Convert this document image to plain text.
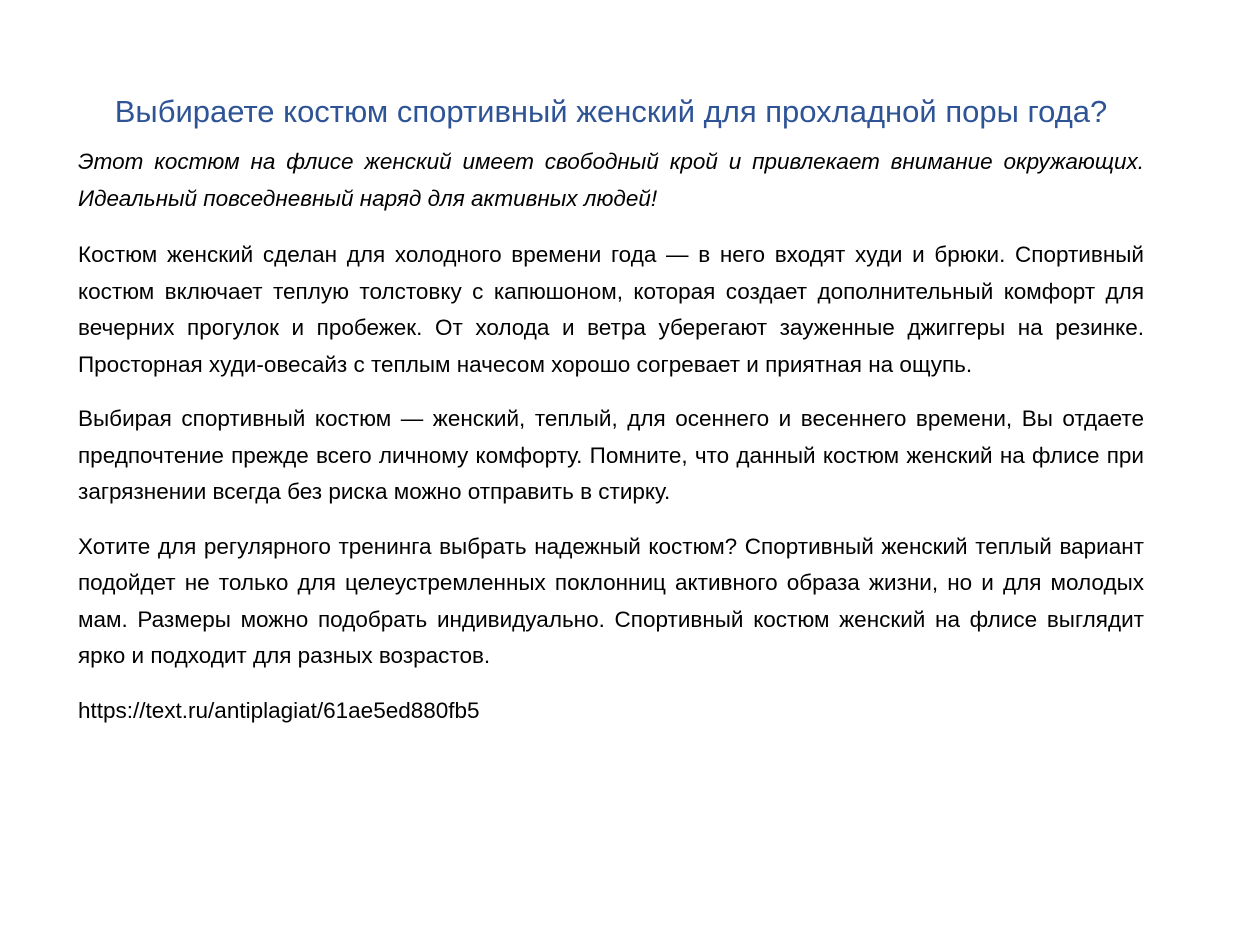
Выбираете костюм спортивный женский для прохладной поры года?

Этот костюм на флисе женский имеет свободный крой и привлекает внимание окружающих. Идеальный повседневный наряд для активных людей!

Костюм женский сделан для холодного времени года — в него входят худи и брюки. Спортивный костюм включает теплую толстовку с капюшоном, которая создает дополнительный комфорт для вечерних прогулок и пробежек. От холода и ветра уберегают зауженные джиггеры на резинке. Просторная худи-овесайз с теплым начесом хорошо согревает и приятная на ощупь.

Выбирая спортивный костюм — женский, теплый, для осеннего и весеннего времени, Вы отдаете предпочтение прежде всего личному комфорту. Помните, что данный костюм женский на флисе при загрязнении всегда без риска можно отправить в стирку.

Хотите для регулярного тренинга выбрать надежный костюм? Спортивный женский теплый вариант подойдет не только для целеустремленных поклонниц активного образа жизни, но и для молодых мам. Размеры можно подобрать индивидуально. Спортивный костюм женский на флисе выглядит ярко и подходит для разных возрастов.

https://text.ru/antiplagiat/61ae5ed880fb5
